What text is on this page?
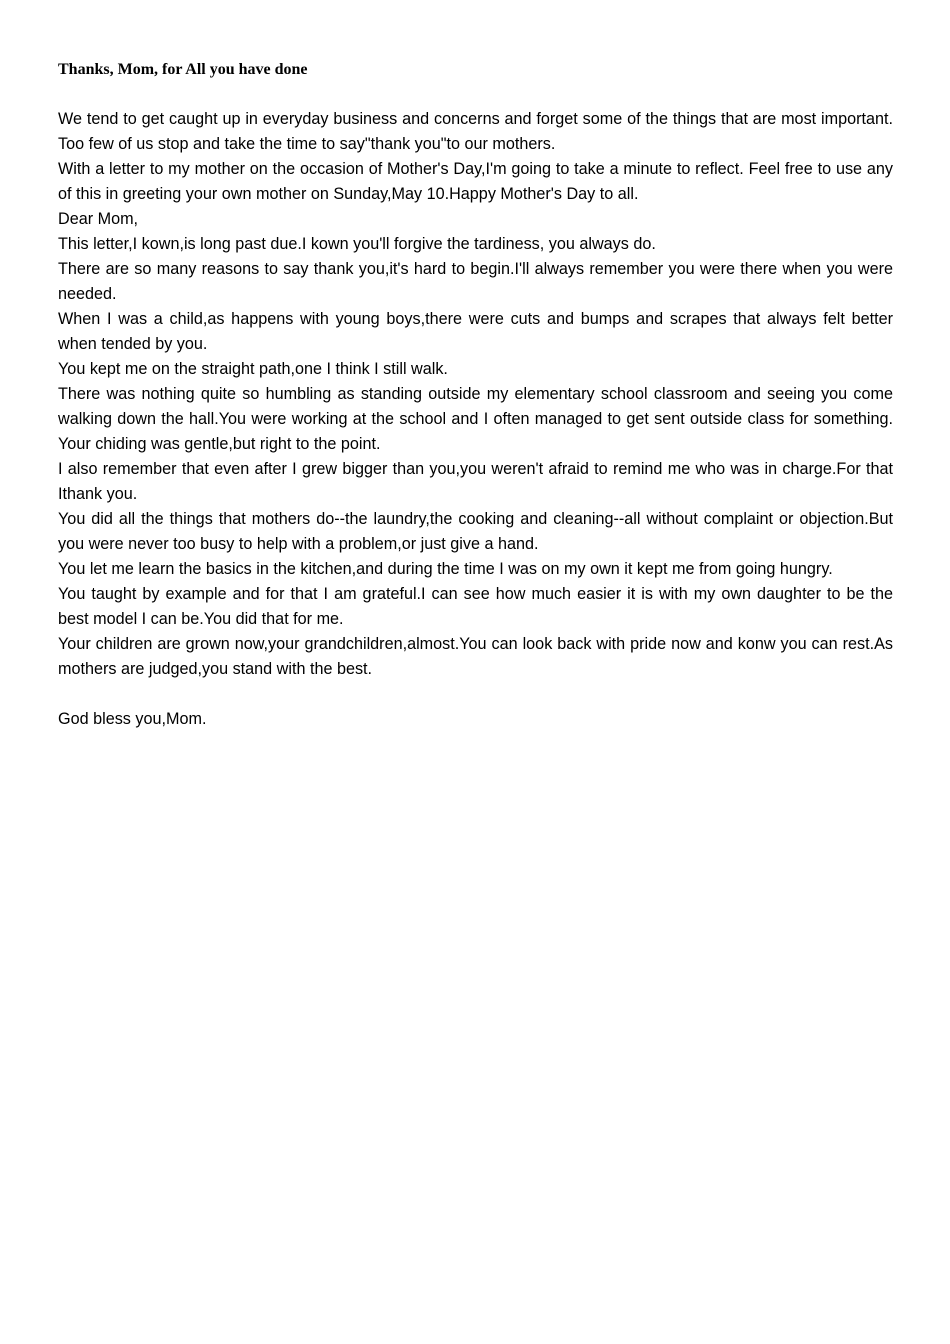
Thanks, Mom, for All you have done

We tend to get caught up in everyday business and concerns and forget some of the things that are most important. Too few of us stop and take the time to say"thank you"to our mothers.

With a letter to my mother on the occasion of Mother's Day,I'm going to take a minute to reflect. Feel free to use any of this in greeting your own mother on Sunday,May 10.Happy Mother's Day to all.

Dear Mom,

This letter,I kown,is long past due.I kown you'll forgive the tardiness, you always do.

There are so many reasons to say thank you,it's hard to begin.I'll always remember you were there when you were needed.

When I was a child,as happens with young boys,there were cuts and bumps and scrapes that always felt better when tended by you.

You kept me on the straight path,one I think I still walk.

There was nothing quite so humbling as standing outside my elementary school classroom and seeing you come walking down the hall.You were working at the school and I often managed to get sent outside class for something. Your chiding was gentle,but right to the point.

I also remember that even after I grew bigger than you,you weren't afraid to remind me who was in charge.For that Ithank you.

You did all the things that mothers do--the laundry,the cooking and cleaning--all without complaint or objection.But you were never too busy to help with a problem,or just give a hand.

You let me learn the basics in the kitchen,and during the time I was on my own it kept me from going hungry.

You taught by example and for that I am grateful.I can see how much easier it is with my own daughter to be the best model I can be.You did that for me.

Your children are grown now,your grandchildren,almost.You can look back with pride now and konw you can rest.As mothers are judged,you stand with the best.

God bless you,Mom.
